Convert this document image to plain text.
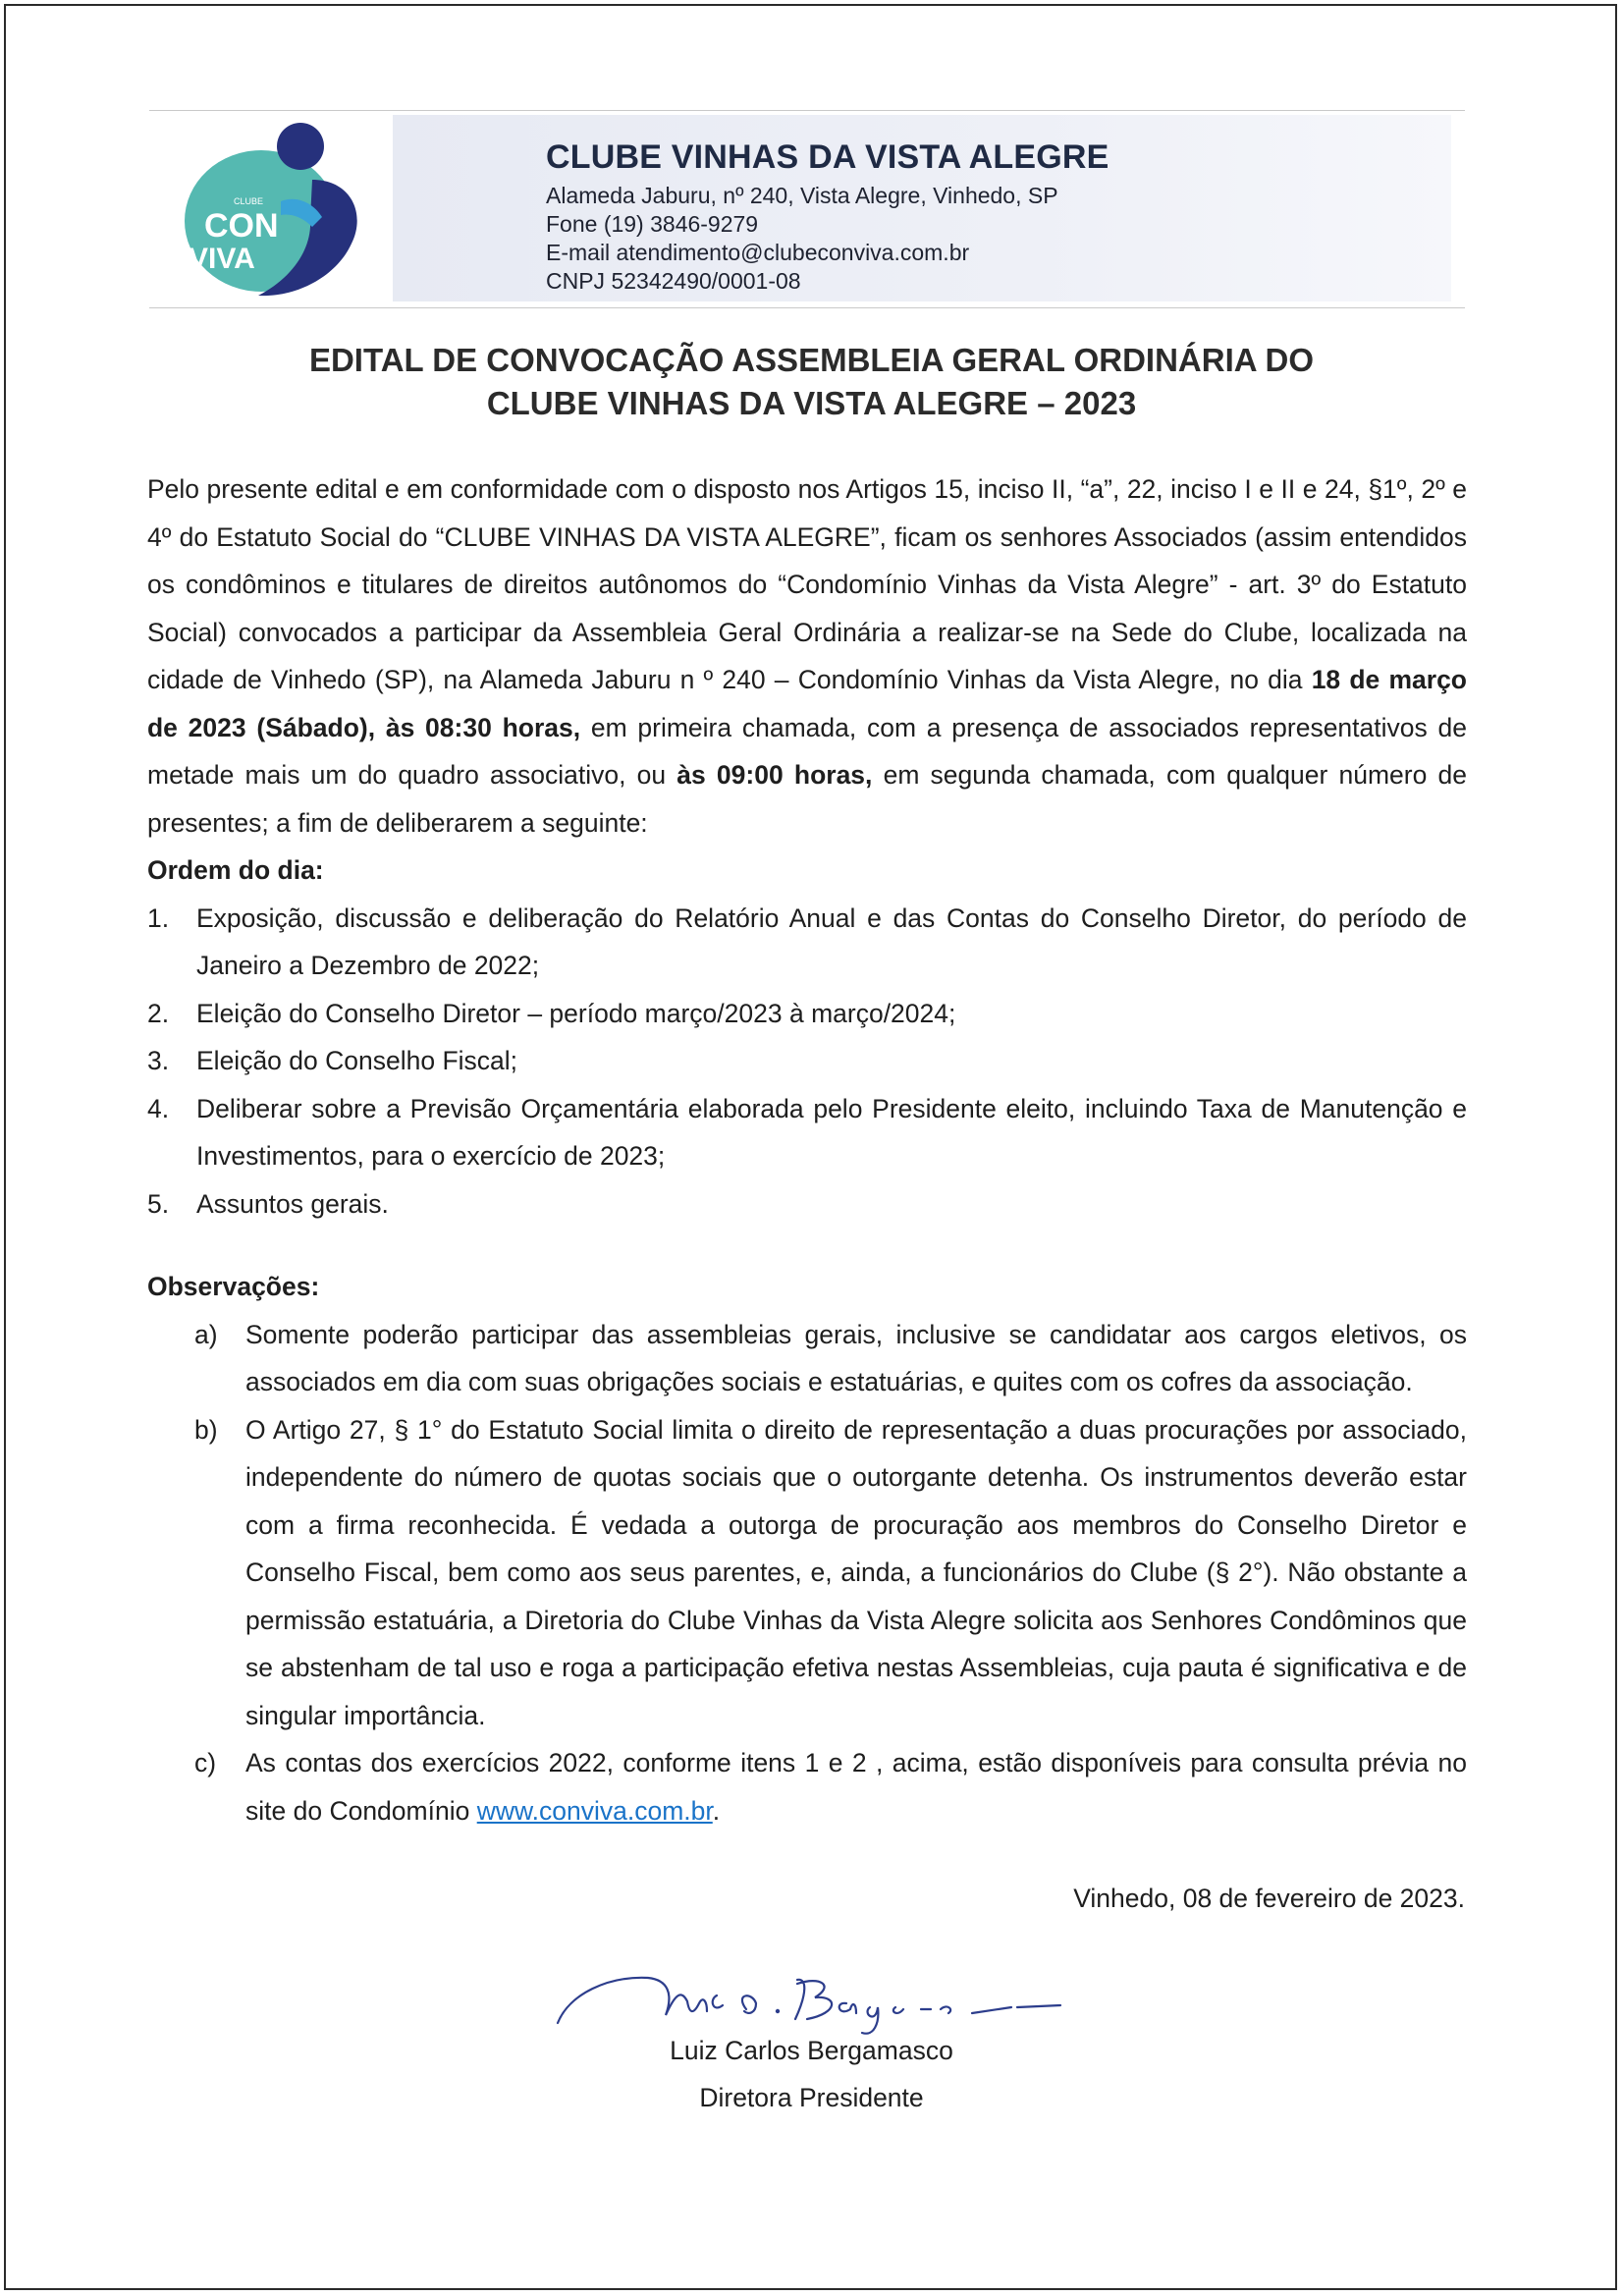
CLUBE
CON
VIVA
CLUBE VINHAS DA VISTA ALEGRE
Alameda Jaburu, nº 240, Vista Alegre, Vinhedo, SP
Fone (19) 3846-9279
E-mail atendimento@clubeconviva.com.br
CNPJ 52342490/0001-08
EDITAL DE CONVOCAÇÃO ASSEMBLEIA GERAL ORDINÁRIA DO
CLUBE VINHAS DA VISTA ALEGRE – 2023

Pelo presente edital e em conformidade com o disposto nos Artigos 15, inciso II, “a”, 22, inciso I e II e 24, §1º, 2º e 4º do Estatuto Social do “CLUBE VINHAS DA VISTA ALEGRE”, ficam os senhores Associados (assim entendidos os condôminos e titulares de direitos autônomos do “Condomínio Vinhas da Vista Alegre” - art. 3º do Estatuto Social) convocados a participar da Assembleia Geral Ordinária a realizar-se na Sede do Clube, localizada na cidade de Vinhedo (SP), na Alameda Jaburu n º 240 – Condomínio Vinhas da Vista Alegre, no dia 18 de março de 2023 (Sábado), às 08:30 horas, em primeira chamada, com a presença de associados representativos de metade mais um do quadro associativo, ou às 09:00 horas, em segunda chamada, com qualquer número de presentes; a fim de deliberarem a seguinte:

Ordem do dia:

1. Exposição, discussão e deliberação do Relatório Anual e das Contas do Conselho Diretor, do período de Janeiro a Dezembro de 2022;
2. Eleição do Conselho Diretor – período março/2023 à março/2024;
3. Eleição do Conselho Fiscal;
4. Deliberar sobre a Previsão Orçamentária elaborada pelo Presidente eleito, incluindo Taxa de Manutenção e Investimentos, para o exercício de 2023;
5. Assuntos gerais.

Observações:

a) Somente poderão participar das assembleias gerais, inclusive se candidatar aos cargos eletivos, os associados em dia com suas obrigações sociais e estatuárias, e quites com os cofres da associação.
b) O Artigo 27, § 1° do Estatuto Social limita o direito de representação a duas procurações por associado, independente do número de quotas sociais que o outorgante detenha. Os instrumentos deverão estar com a firma reconhecida. É vedada a outorga de procuração aos membros do Conselho Diretor e Conselho Fiscal, bem como aos seus parentes, e, ainda, a funcionários do Clube (§ 2°). Não obstante a permissão estatuária, a Diretoria do Clube Vinhas da Vista Alegre solicita aos Senhores Condôminos que se abstenham de tal uso e roga a participação efetiva nestas Assembleias, cuja pauta é significativa e de singular importância.
c) As contas dos exercícios 2022, conforme itens 1 e 2 , acima, estão disponíveis para consulta prévia no site do Condomínio www.conviva.com.br.
Vinhedo, 08 de fevereiro de 2023.
Luiz Carlos Bergamasco
Diretora Presidente
